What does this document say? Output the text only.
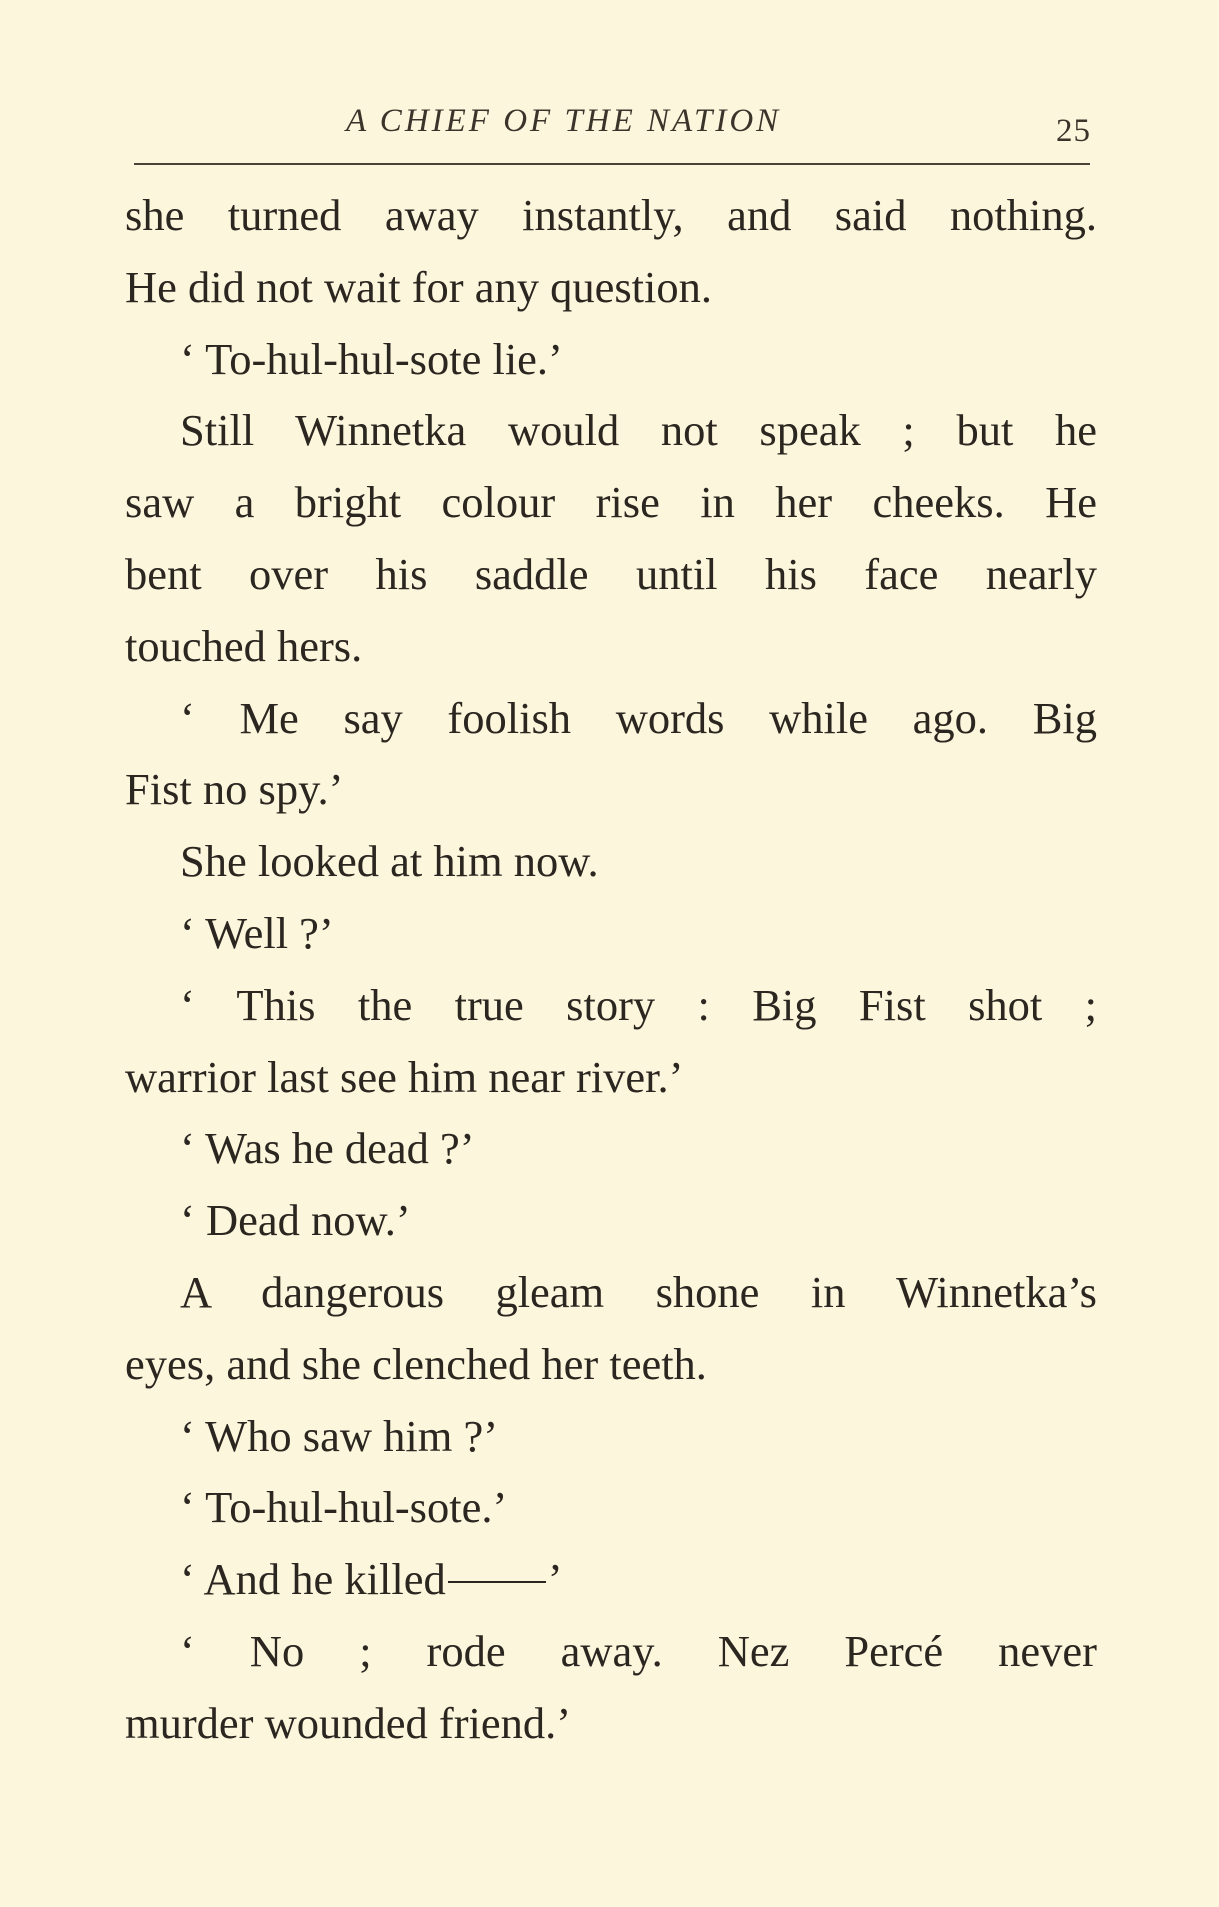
A CHIEF OF THE NATION	25
she turned away instantly, and said nothing.
He did not wait for any question.
‘ To-hul-hul-sote lie.’
Still Winnetka would not speak ; but he
saw a bright colour rise in her cheeks. He
bent over his saddle until his face nearly
touched hers.
‘ Me say foolish words while ago. Big
Fist no spy.’
She looked at him now.
‘ Well ?’
‘ This the true story : Big Fist shot ;
warrior last see him near river.’
‘ Was he dead ?’
‘ Dead now.’
A dangerous gleam shone in Winnetka’s
eyes, and she clenched her teeth.
‘ Who saw him ?’
‘ To-hul-hul-sote.’
‘ And he killed ’
‘ No ; rode away. Nez Percé never
murder wounded friend.’
